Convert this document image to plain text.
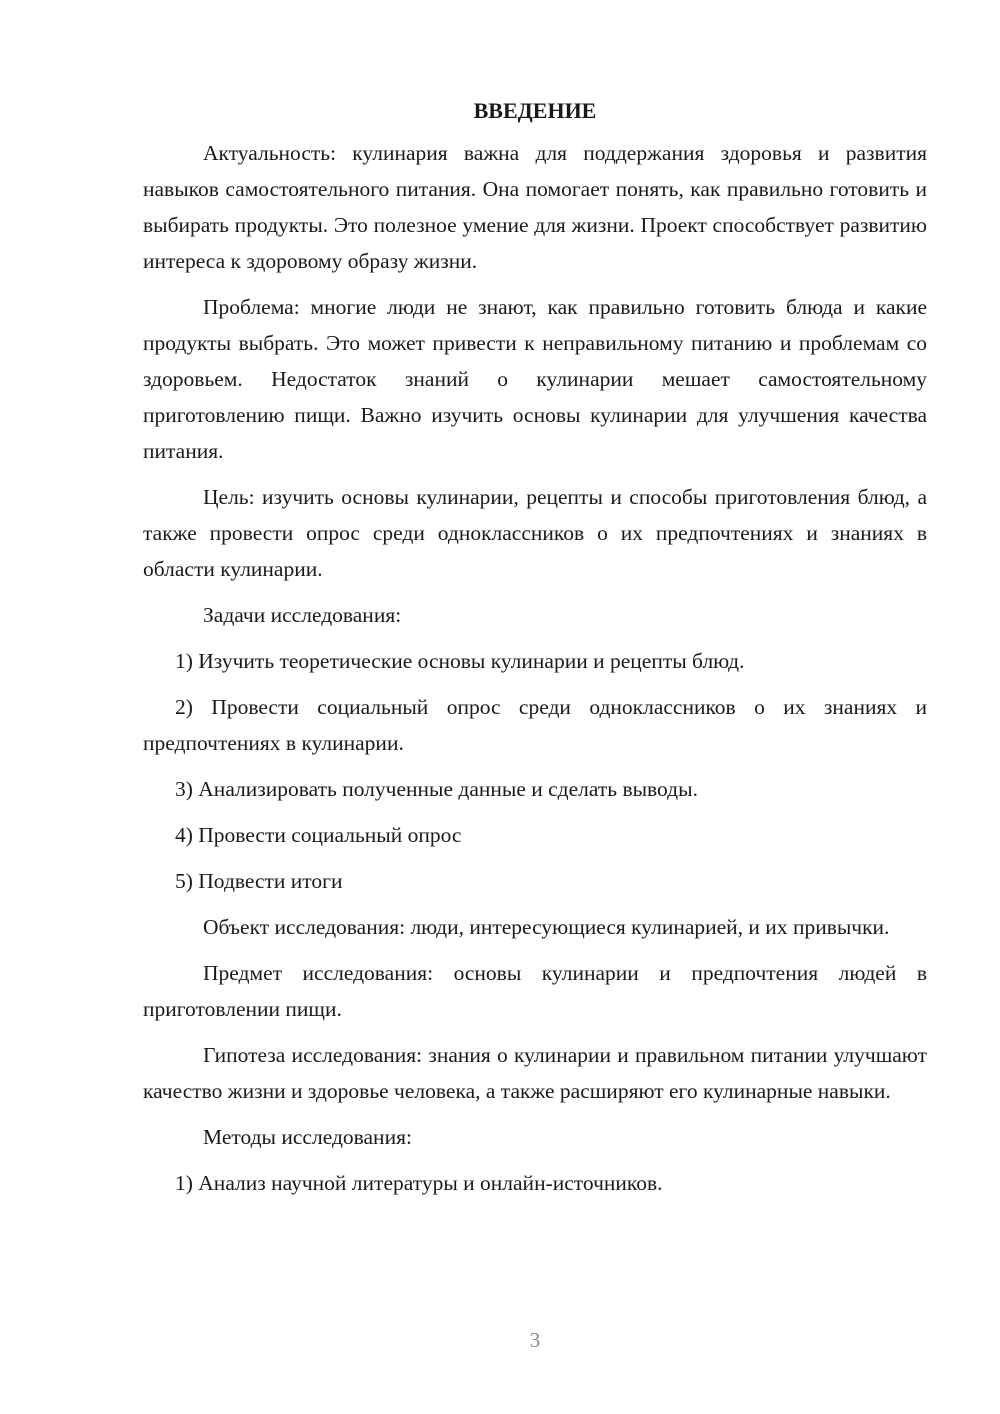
ВВЕДЕНИЕ

Актуальность: кулинария важна для поддержания здоровья и развития навыков самостоятельного питания. Она помогает понять, как правильно готовить и выбирать продукты. Это полезное умение для жизни. Проект способствует развитию интереса к здоровому образу жизни.

Проблема: многие люди не знают, как правильно готовить блюда и какие продукты выбрать. Это может привести к неправильному питанию и проблемам со здоровьем. Недостаток знаний о кулинарии мешает самостоятельному приготовлению пищи. Важно изучить основы кулинарии для улучшения качества питания.

Цель: изучить основы кулинарии, рецепты и способы приготовления блюд, а также провести опрос среди одноклассников о их предпочтениях и знаниях в области кулинарии.

Задачи исследования:

1) Изучить теоретические основы кулинарии и рецепты блюд.

2) Провести социальный опрос среди одноклассников о их знаниях и предпочтениях в кулинарии.

3) Анализировать полученные данные и сделать выводы.

4) Провести социальный опрос

5) Подвести итоги

Объект исследования: люди, интересующиеся кулинарией, и их привычки.

Предмет исследования: основы кулинарии и предпочтения людей в приготовлении пищи.

Гипотеза исследования: знания о кулинарии и правильном питании улучшают качество жизни и здоровье человека, а также расширяют его кулинарные навыки.

Методы исследования:

1) Анализ научной литературы и онлайн-источников.

3
